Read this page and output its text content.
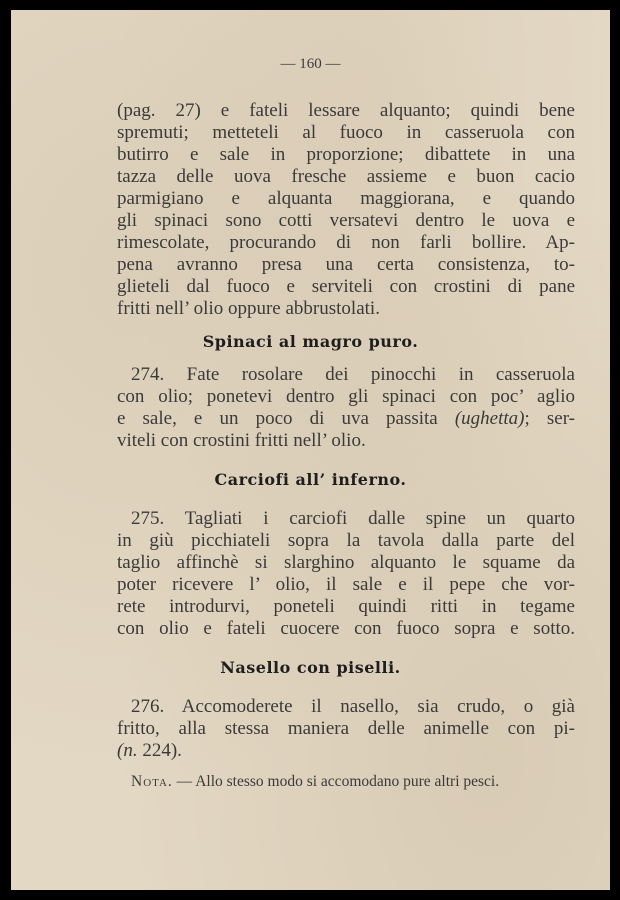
— 160 —
(pag. 27) e fateli lessare alquanto; quindi bene
spremuti; metteteli al fuoco in casseruola con
butirro e sale in proporzione; dibattete in una
tazza delle uova fresche assieme e buon cacio
parmigiano e alquanta maggiorana, e quando
gli spinaci sono cotti versatevi dentro le uova e
rimescolate, procurando di non farli bollire. Ap-
pena avranno presa una certa consistenza, to-
glieteli dal fuoco e serviteli con crostini di pane
fritti nell’ olio oppure abbrustolati.
Spinaci al magro puro.
274. Fate rosolare dei pinocchi in casseruola
con olio; ponetevi dentro gli spinaci con poc’ aglio
e sale, e un poco di uva passita (ughetta); ser-
viteli con crostini fritti nell’ olio.
Carciofi all’ inferno.
275. Tagliati i carciofi dalle spine un quarto
in giù picchiateli sopra la tavola dalla parte del
taglio affinchè si slarghino alquanto le squame da
poter ricevere l’ olio, il sale e il pepe che vor-
rete introdurvi, poneteli quindi ritti in tegame
con olio e fateli cuocere con fuoco sopra e sotto.
Nasello con piselli.
276. Accomoderete il nasello, sia crudo, o già
fritto, alla stessa maniera delle animelle con pi-
(n. 224).
Nota. — Allo stesso modo si accomodano pure altri pesci.
